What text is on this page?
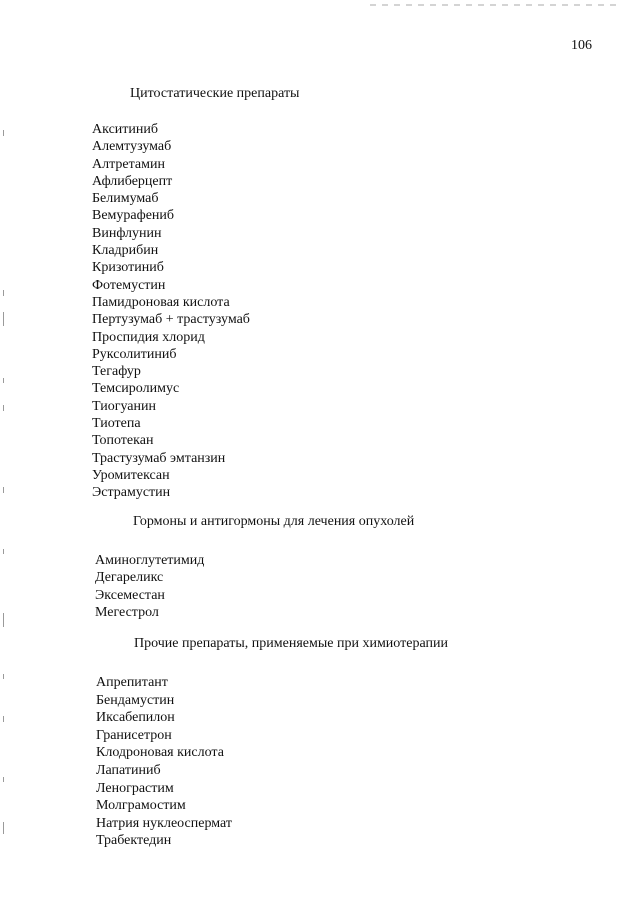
106
Цитостатические препараты
Акситиниб
Алемтузумаб
Алтретамин
Афлиберцепт
Белимумаб
Вемурафениб
Винфлунин
Кладрибин
Кризотиниб
Фотемустин
Памидроновая кислота
Пертузумаб + трастузумаб
Проспидия хлорид
Руксолитиниб
Тегафур
Темсиролимус
Тиогуанин
Тиотепа
Топотекан
Трастузумаб эмтанзин
Уромитексан
Эстрамустин
Гормоны и антигормоны для лечения опухолей
Аминоглутетимид
Дегареликс
Эксеместан
Мегестрол
Прочие препараты, применяемые при химиотерапии
Апрепитант
Бендамустин
Иксабепилон
Гранисетрон
Клодроновая кислота
Лапатиниб
Ленограстим
Молграмостим
Натрия нуклеоспермат
Трабектедин
